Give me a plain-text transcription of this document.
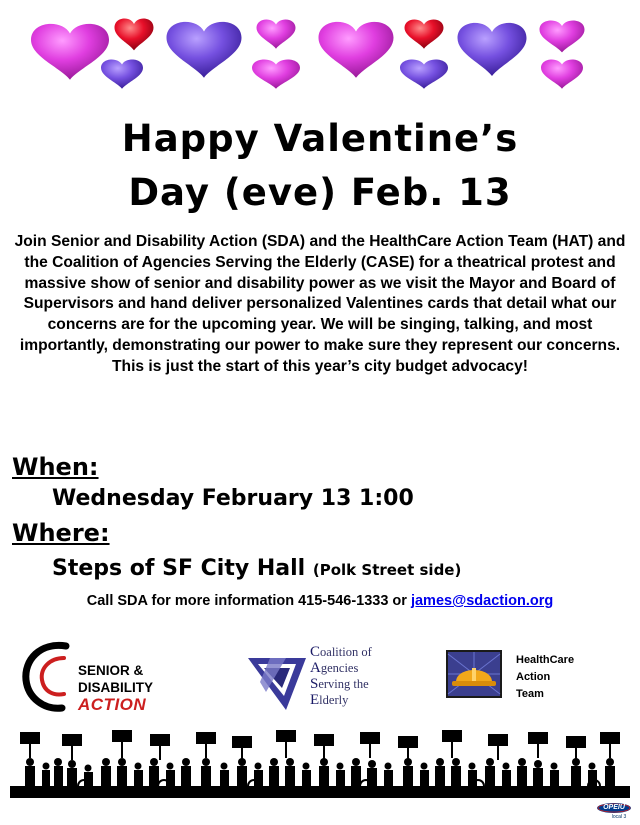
Happy Valentine’s
Day (eve) Feb. 13

Join Senior and Disability Action (SDA) and the HealthCare Action Team (HAT) and the Coalition of Agencies Serving the Elderly (CASE) for a theatrical protest and massive show of senior and disability power as we visit the Mayor and Board of Supervisors and hand deliver personalized Valentines cards that detail what our concerns are for the upcoming year. We will be singing, talking, and most importantly, demonstrating our power to make sure they represent our concerns.

This is just the start of this year’s city budget advocacy!

When:
Wednesday February 13 1:00
Where:
Steps of SF City Hall (Polk Street side)
Call SDA for more information 415-546-1333 or james@sdaction.org
SENIOR & DISABILITY
ACTION
Coalition of
Agencies
Serving the
Elderly
HealthCare
Action
Team
OPEIU
local 3
